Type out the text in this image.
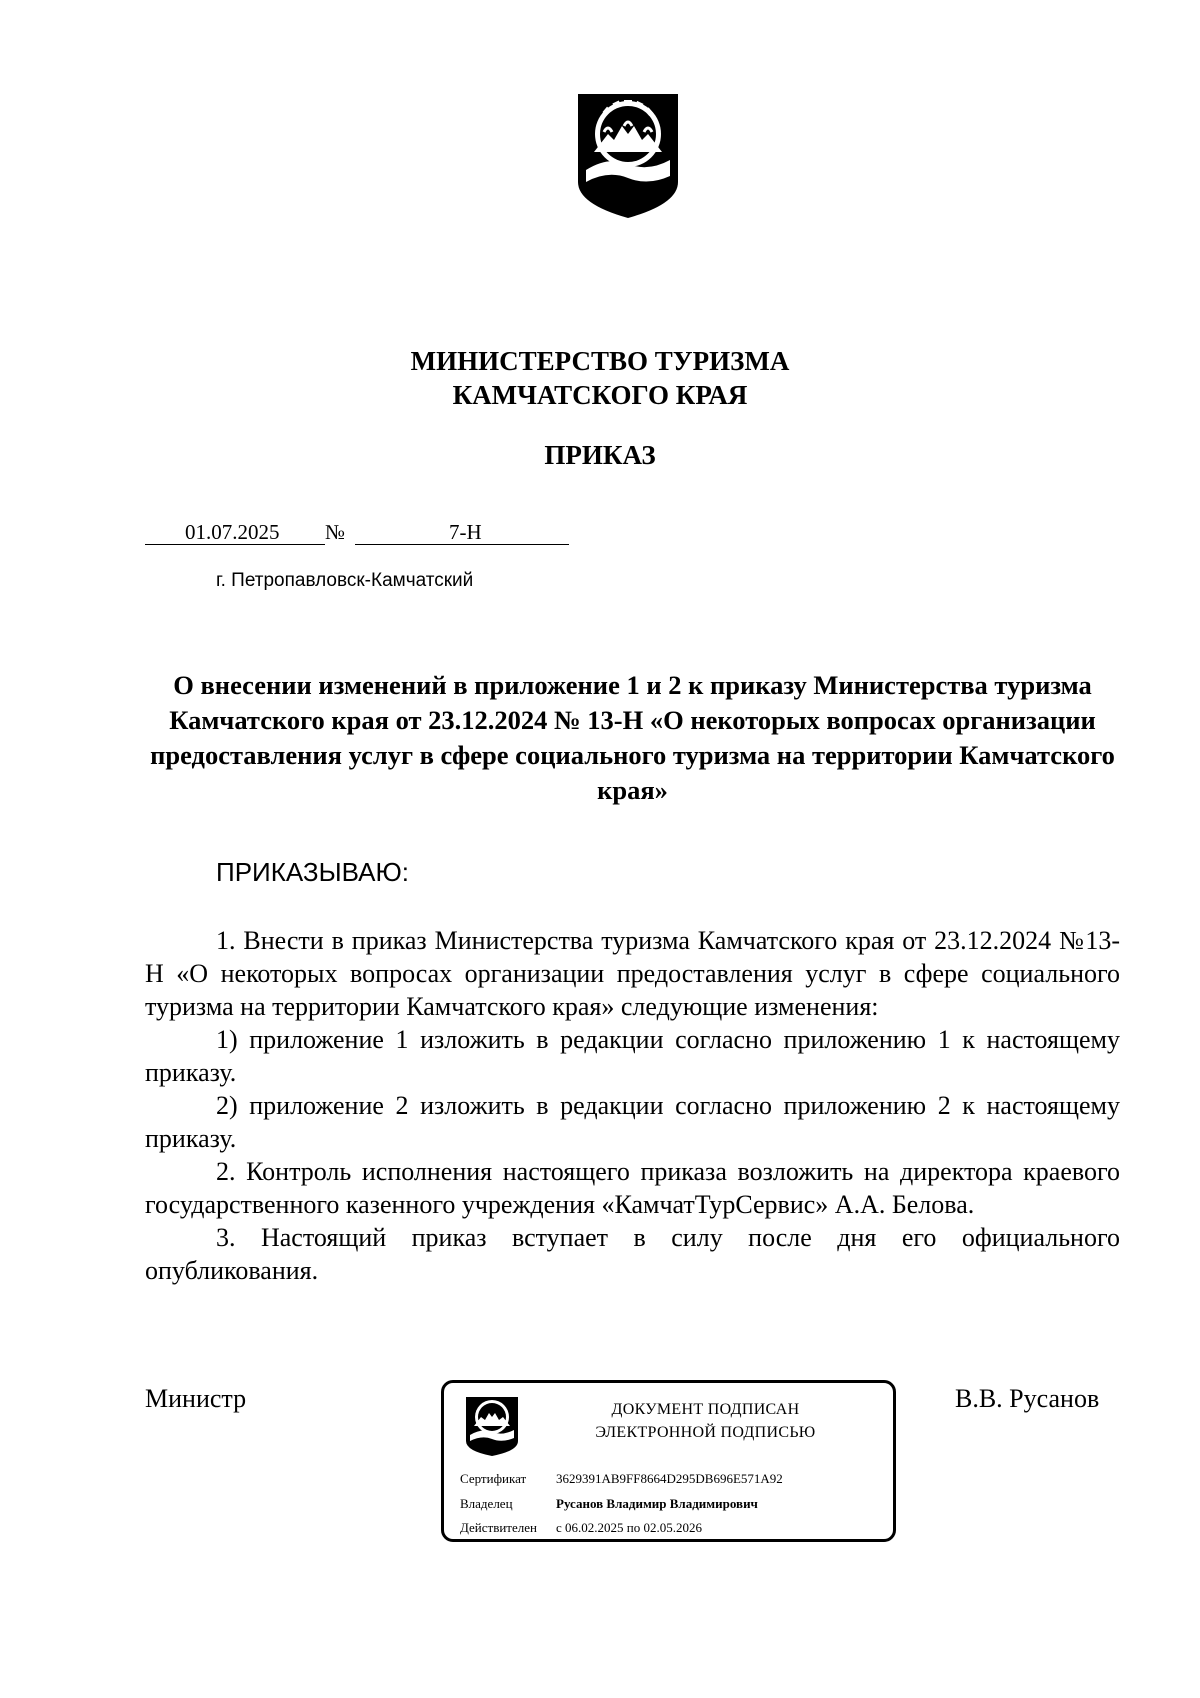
МИНИСТЕРСТВО ТУРИЗМА
КАМЧАТСКОГО КРАЯ
ПРИКАЗ
01.07.2025 №	7-Н
г. Петропавловск-Камчатский
О внесении изменений в приложение 1 и 2 к приказу Министерства туризма Камчатского края от 23.12.2024 № 13-Н «О некоторых вопросах организации предоставления услуг в сфере социального туризма на территории Камчатского края»
ПРИКАЗЫВАЮ:

1. Внести в приказ Министерства туризма Камчатского края от 23.12.2024 №13-Н «О некоторых вопросах организации предоставления услуг в сфере социального туризма на территории Камчатского края» следующие изменения:

1) приложение 1 изложить в редакции согласно приложению 1 к настоящему приказу.

2) приложение 2 изложить в редакции согласно приложению 2 к настоящему приказу.

2. Контроль исполнения настоящего приказа возложить на директора краевого государственного казенного учреждения «КамчатТурСервис» А.А. Белова.

3. Настоящий приказ вступает в силу после дня его официального опубликования.

Министр	В.В. Русанов
ДОКУМЕНТ ПОДПИСАН
ЭЛЕКТРОННОЙ ПОДПИСЬЮ
Сертификат 3629391AB9FF8664D295DB696E571A92
Владелец	Русанов Владимир Владимирович
Действителен с 06.02.2025 по 02.05.2026
